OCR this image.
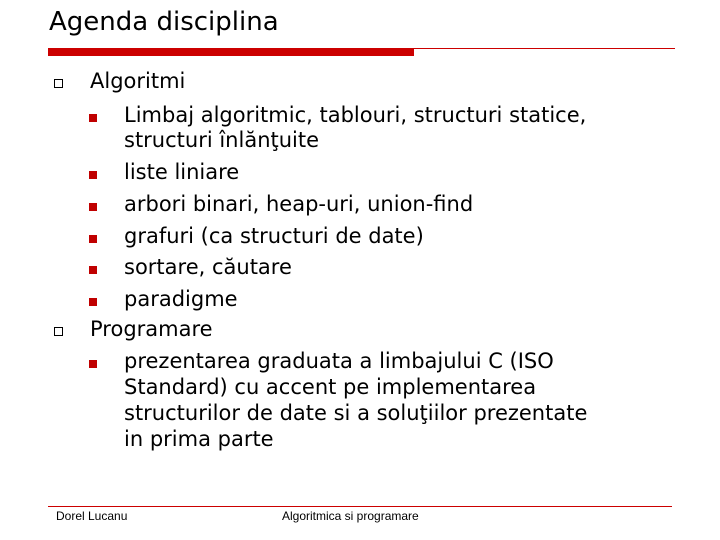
Agenda disciplina
Algoritmi
Limbaj algoritmic, tablouri, structuri statice,
structuri înlănţuite
liste liniare
arbori binari, heap-uri, union-find
grafuri (ca structuri de date)
sortare, căutare
paradigme
Programare
prezentarea graduata a limbajului C (ISO
Standard) cu accent pe implementarea
structurilor de date si a soluţiilor prezentate
in prima parte
Dorel Lucanu	Algoritmica si programare
